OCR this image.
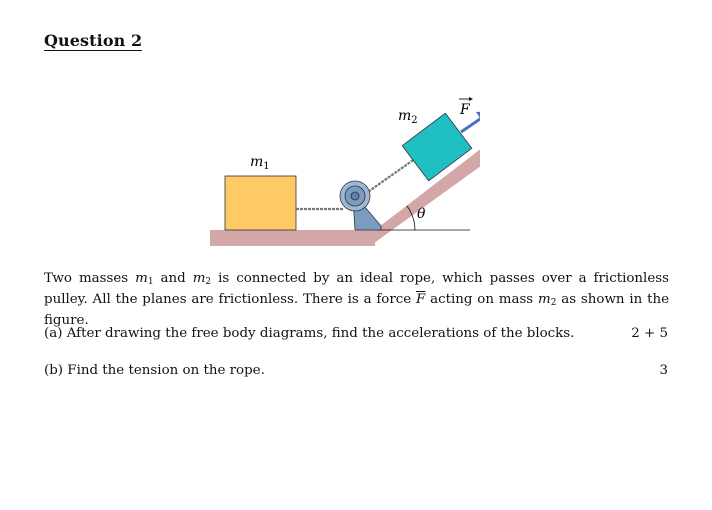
Question 2
θ
$m_1$
$m_2$
F
Two masses $m_1$ and $m_2$ is connected by an ideal rope, which passes over a frictionless pulley. All the planes are frictionless. There is a force $\overline{F}$ acting on mass $m_2$ as shown in the figure.
(a) After drawing the free body diagrams, find the accelerations of the blocks.	2 + 5
(b) Find the tension on the rope.	3
